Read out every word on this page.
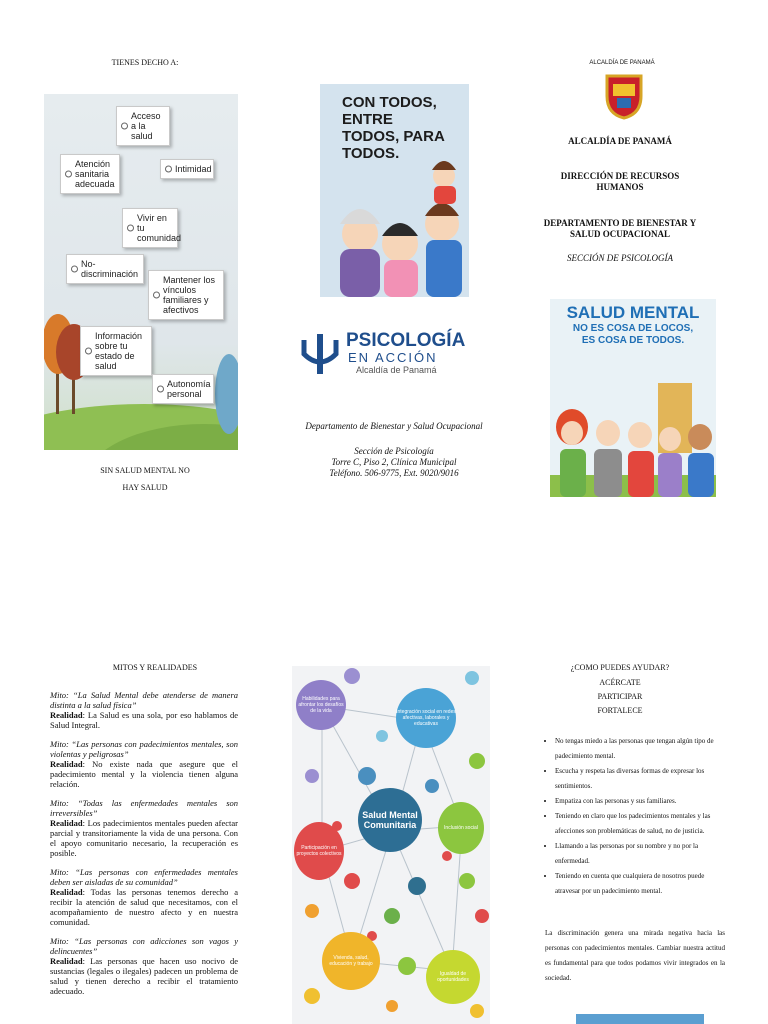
TIENES DECHO A:
Acceso a la salud
Atención sanitaria adecuada
Intimidad
Vivir en tu comunidad
No-discriminación
Mantener los vínculos familiares y afectivos
Información sobre tu estado de salud
Autonomía personal
SIN SALUD MENTAL NO
HAY SALUD
CON TODOS, ENTRE TODOS, PARA TODOS.
PSICOLOGÍA
EN ACCIÓN
Alcaldía de Panamá
Departamento de Bienestar y Salud Ocupacional
Sección de Psicología
Torre C, Piso 2, Clínica Municipal
Teléfono. 506-9775, Ext. 9020/9016
ALCALDÍA DE PANAMÁ
ALCALDÍA DE PANAMÁ
DIRECCIÓN DE RECURSOS HUMANOS
DEPARTAMENTO DE BIENESTAR Y SALUD OCUPACIONAL
SECCIÓN DE PSICOLOGÍA
SALUD MENTAL
NO ES COSA DE LOCOS,
ES COSA DE TODOS.
MITOS Y REALIDADES
Mito: “La Salud Mental debe atenderse de manera distinta a la salud física”
Realidad: La Salud es una sola, por eso hablamos de Salud Integral.
Mito: “Las personas con padecimientos mentales, son violentas y peligrosas”
Realidad: No existe nada que asegure que el padecimiento mental y la violencia tienen alguna relación.
Mito: “Todas las enfermedades mentales son irreversibles”
Realidad: Los padecimientos mentales pueden afectar parcial y transitoriamente la vida de una persona. Con el apoyo comunitario necesario, la recuperación es posible.
Mito: “Las personas con enfermedades mentales deben ser aisladas de su comunidad”
Realidad: Todas las personas tenemos derecho a recibir la atención de salud que necesitamos, con el acompañamiento de nuestro afecto y en nuestra comunidad.
Mito: “Las personas con adicciones son vagos y delincuentes”
Realidad: Las personas que hacen uso nocivo de sustancias (legales o ilegales) padecen un problema de salud y tienen derecho a recibir el tratamiento adecuado.
Habilidades para afrontar los desafíos de la vida	Integración social en redes afectivas, laborales y educativas
Participación en proyectos colectivos
Inclusión social
Vivienda, salud, educación y trabajo
Igualdad de oportunidades
Salud Mental Comunitaria
¿COMO PUEDES AYUDAR?
ACÉRCATE
PARTICIPAR
FORTALECE
• No tengas miedo a las personas que tengan algún tipo de padecimiento mental.
• Escucha y respeta las diversas formas de expresar los sentimientos.
• Empatiza con las personas y sus familiares.
• Teniendo en claro que los padecimientos mentales y las afecciones son problemáticas de salud, no de justicia.
• Llamando a las personas por su nombre y no por la enfermedad.
• Teniendo en cuenta que cualquiera de nosotros puede atravesar por un padecimiento mental.
La discriminación genera una mirada negativa hacia las personas con padecimientos mentales. Cambiar nuestra actitud es fundamental para que todos podamos vivir integrados en la sociedad.
